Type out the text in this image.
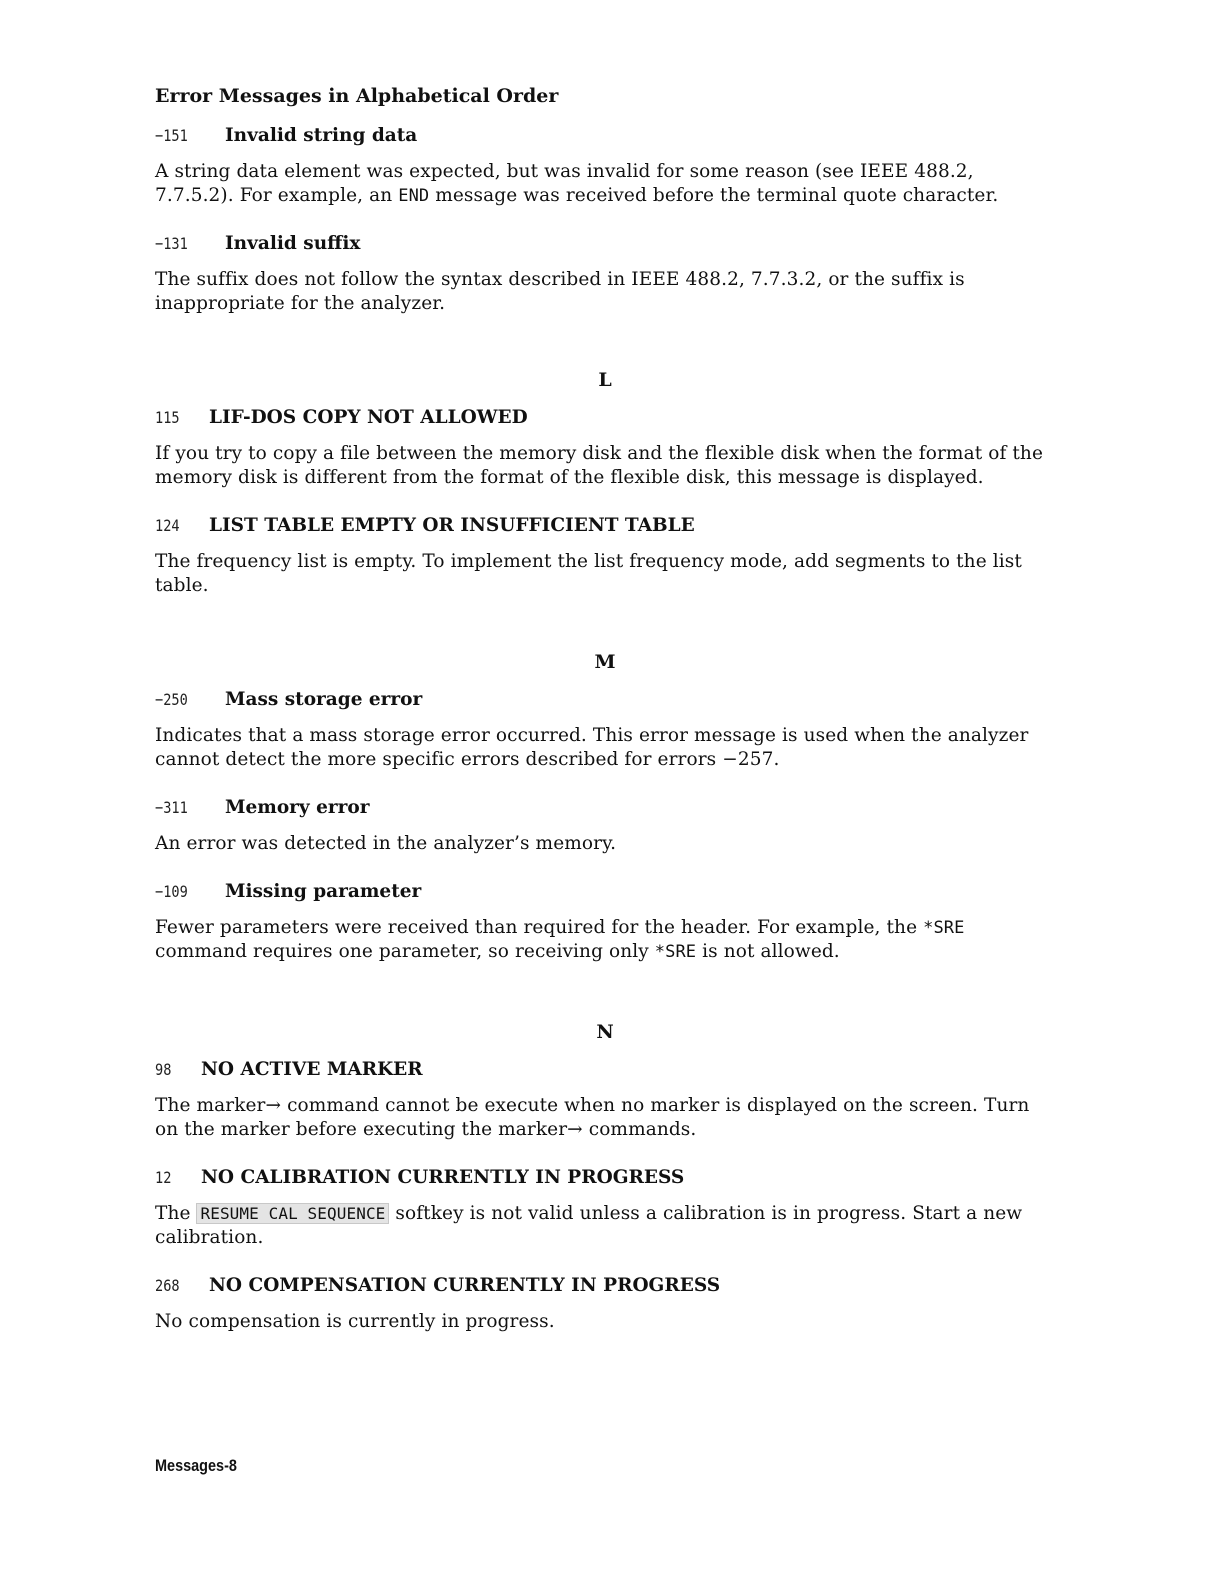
Error Messages in Alphabetical Order
−151	Invalid string data

A string data element was expected, but was invalid for some reason (see IEEE 488.2, 7.7.5.2). For example, an END message was received before the terminal quote character.

−131	Invalid suffix

The suffix does not follow the syntax described in IEEE 488.2, 7.7.3.2, or the suffix is inappropriate for the analyzer.

L
115	LIF-DOS COPY NOT ALLOWED

If you try to copy a file between the memory disk and the flexible disk when the format of the memory disk is different from the format of the flexible disk, this message is displayed.

124	LIST TABLE EMPTY OR INSUFFICIENT TABLE

The frequency list is empty. To implement the list frequency mode, add segments to the list table.

M
−250	Mass storage error

Indicates that a mass storage error occurred. This error message is used when the analyzer cannot detect the more specific errors described for errors −257.

−311	Memory error

An error was detected in the analyzer’s memory.

−109	Missing parameter

Fewer parameters were received than required for the header. For example, the *SRE command requires one parameter, so receiving only *SRE is not allowed.

N
98	NO ACTIVE MARKER

The marker→ command cannot be execute when no marker is displayed on the screen. Turn on the marker before executing the marker→ commands.

12	NO CALIBRATION CURRENTLY IN PROGRESS

The RESUME CAL SEQUENCE softkey is not valid unless a calibration is in progress. Start a new calibration.

268	NO COMPENSATION CURRENTLY IN PROGRESS

No compensation is currently in progress.

Messages-8
